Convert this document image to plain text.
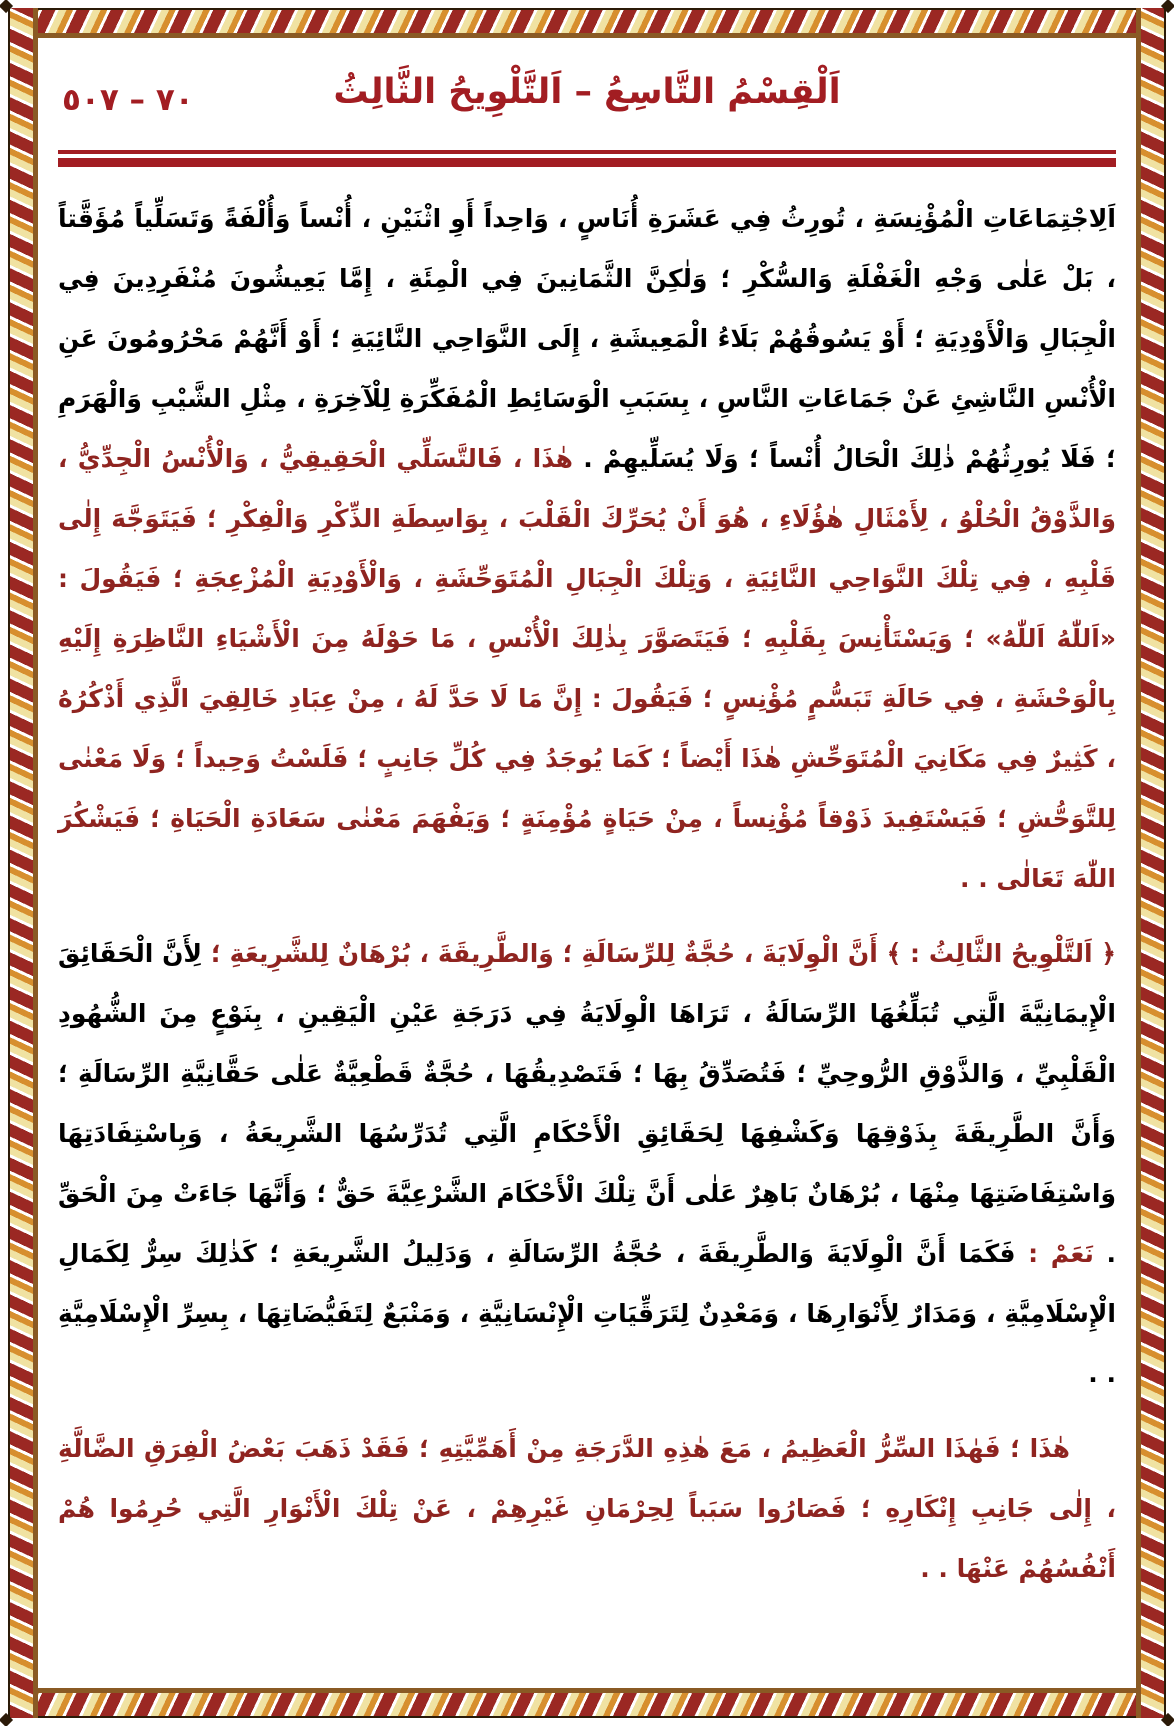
٧٠ – ٥٠٧	اَلْقِسْمُ التَّاسِعُ – اَلتَّلْوِيحُ الثَّالِثُ

اَلِاجْتِمَاعَاتِ الْمُؤْنِسَةِ ، تُورِثُ فِي عَشَرَةِ أُنَاسٍ ، وَاحِداً أَوِ اثْنَيْنِ ، أُنْساً وَأُلْفَةً وَتَسَلِّياً مُؤَقَّتاً ، بَلْ عَلٰى وَجْهِ الْغَفْلَةِ وَالسُّكْرِ ؛ وَلٰكِنَّ الثَّمَانِينَ فِي الْمِئَةِ ، إِمَّا يَعِيشُونَ مُنْفَرِدِينَ فِي الْجِبَالِ وَالْأَوْدِيَةِ ؛ أَوْ يَسُوقُهُمْ بَلَاءُ الْمَعِيشَةِ ، إِلَى النَّوَاحِي النَّائِيَةِ ؛ أَوْ أَنَّهُمْ مَحْرُومُونَ عَنِ الْأُنْسِ النَّاشِئِ عَنْ جَمَاعَاتِ النَّاسِ ، بِسَبَبِ الْوَسَائِطِ الْمُفَكِّرَةِ لِلْآخِرَةِ ، مِثْلِ الشَّيْبِ وَالْهَرَمِ ؛ فَلَا يُورِثُهُمْ ذٰلِكَ الْحَالُ أُنْساً ؛ وَلَا يُسَلِّيهِمْ . هٰذَا ، فَالتَّسَلِّي الْحَقِيقِيُّ ، وَالْأُنْسُ الْجِدِّيُّ ، وَالذَّوْقُ الْحُلْوُ ، لِأَمْثَالِ هٰؤُلَاءِ ، هُوَ أَنْ يُحَرِّكَ الْقَلْبَ ، بِوَاسِطَةِ الذِّكْرِ وَالْفِكْرِ ؛ فَيَتَوَجَّهَ إِلٰى قَلْبِهِ ، فِي تِلْكَ النَّوَاحِي النَّائِيَةِ ، وَتِلْكَ الْجِبَالِ الْمُتَوَحِّشَةِ ، وَالْأَوْدِيَةِ الْمُزْعِجَةِ ؛ فَيَقُولَ : «اَللّٰهُ اَللّٰهُ» ؛ وَيَسْتَأْنِسَ بِقَلْبِهِ ؛ فَيَتَصَوَّرَ بِذٰلِكَ الْأُنْسِ ، مَا حَوْلَهُ مِنَ الْأَشْيَاءِ النَّاظِرَةِ إِلَيْهِ بِالْوَحْشَةِ ، فِي حَالَةِ تَبَسُّمٍ مُؤْنِسٍ ؛ فَيَقُولَ : إِنَّ مَا لَا حَدَّ لَهُ ، مِنْ عِبَادِ خَالِقِيَ الَّذِي أَذْكُرُهُ ، كَثِيرٌ فِي مَكَانِيَ الْمُتَوَحِّشِ هٰذَا أَيْضاً ؛ كَمَا يُوجَدُ فِي كُلِّ جَانِبٍ ؛ فَلَسْتُ وَحِيداً ؛ وَلَا مَعْنٰى لِلتَّوَحُّشِ ؛ فَيَسْتَفِيدَ ذَوْقاً مُؤْنِساً ، مِنْ حَيَاةٍ مُؤْمِنَةٍ ؛ وَيَفْهَمَ مَعْنٰى سَعَادَةِ الْحَيَاةِ ؛ فَيَشْكُرَ اللّٰهَ تَعَالٰى . .

﴿ اَلتَّلْوِيحُ الثَّالِثُ : ﴾ أَنَّ الْوِلَايَةَ ، حُجَّةٌ لِلرِّسَالَةِ ؛ وَالطَّرِيقَةَ ، بُرْهَانٌ لِلشَّرِيعَةِ ؛ لِأَنَّ الْحَقَائِقَ الْإِيمَانِيَّةَ الَّتِي تُبَلِّغُهَا الرِّسَالَةُ ، تَرَاهَا الْوِلَايَةُ فِي دَرَجَةِ عَيْنِ الْيَقِينِ ، بِنَوْعٍ مِنَ الشُّهُودِ الْقَلْبِيِّ ، وَالذَّوْقِ الرُّوحِيِّ ؛ فَتُصَدِّقُ بِهَا ؛ فَتَصْدِيقُهَا ، حُجَّةٌ قَطْعِيَّةٌ عَلٰى حَقَّانِيَّةِ الرِّسَالَةِ ؛ وَأَنَّ الطَّرِيقَةَ بِذَوْقِهَا وَكَشْفِهَا لِحَقَائِقِ الْأَحْكَامِ الَّتِي تُدَرِّسُهَا الشَّرِيعَةُ ، وَبِاسْتِفَادَتِهَا وَاسْتِفَاضَتِهَا مِنْهَا ، بُرْهَانٌ بَاهِرٌ عَلٰى أَنَّ تِلْكَ الْأَحْكَامَ الشَّرْعِيَّةَ حَقٌّ ؛ وَأَنَّهَا جَاءَتْ مِنَ الْحَقِّ . نَعَمْ : فَكَمَا أَنَّ الْوِلَايَةَ وَالطَّرِيقَةَ ، حُجَّةُ الرِّسَالَةِ ، وَدَلِيلُ الشَّرِيعَةِ ؛ كَذٰلِكَ سِرٌّ لِكَمَالِ الْإِسْلَامِيَّةِ ، وَمَدَارٌ لِأَنْوَارِهَا ، وَمَعْدِنٌ لِتَرَقِّيَاتِ الْإِنْسَانِيَّةِ ، وَمَنْبَعٌ لِتَفَيُّضَاتِهَا ، بِسِرِّ الْإِسْلَامِيَّةِ . .

هٰذَا ؛ فَهٰذَا السِّرُّ الْعَظِيمُ ، مَعَ هٰذِهِ الدَّرَجَةِ مِنْ أَهَمِّيَّتِهِ ؛ فَقَدْ ذَهَبَ بَعْضُ الْفِرَقِ الضَّالَّةِ ، إِلٰى جَانِبِ إِنْكَارِهِ ؛ فَصَارُوا سَبَباً لِحِرْمَانِ غَيْرِهِمْ ، عَنْ تِلْكَ الْأَنْوَارِ الَّتِي حُرِمُوا هُمْ أَنْفُسُهُمْ عَنْهَا . .
